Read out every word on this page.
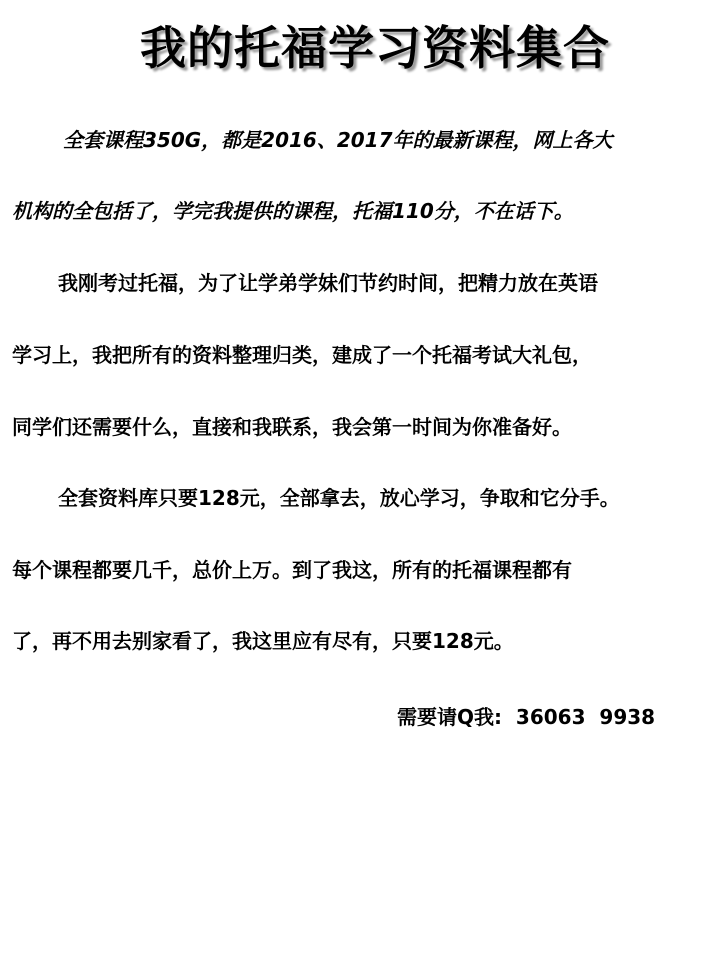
我的托福学习资料集合
全套课程350G，都是2016、2017年的最新课程，网上各大
机构的全包括了，学完我提供的课程，托福110分，不在话下。
我刚考过托福，为了让学弟学妹们节约时间，把精力放在英语
学习上，我把所有的资料整理归类，建成了一个托福考试大礼包，
同学们还需要什么，直接和我联系，我会第一时间为你准备好。
全套资料库只要128元，全部拿去，放心学习，争取和它分手。
每个课程都要几千，总价上万。到了我这，所有的托福课程都有
了，再不用去别家看了，我这里应有尽有，只要128元。
需要请Q我:  36063  9938
